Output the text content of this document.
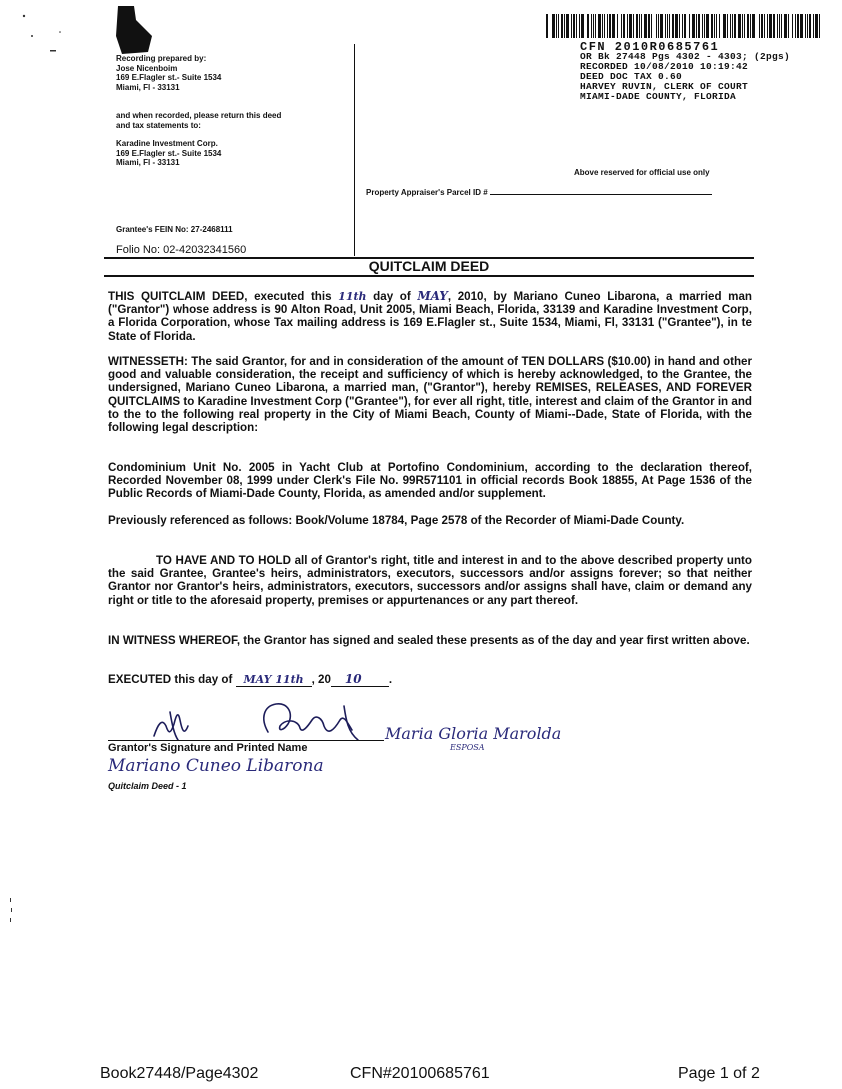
CFN 2010R0685761
OR Bk 27448 Pgs 4302 - 4303; (2pgs)
RECORDED 10/08/2010 10:19:42
DEED DOC TAX 0.60
HARVEY RUVIN, CLERK OF COURT
MIAMI-DADE COUNTY, FLORIDA
Recording prepared by:
Jose Nicenboim
169 E.Flagler st.- Suite 1534
Miami, Fl - 33131
and when recorded, please return this deed
and tax statements to:
Karadine Investment Corp.
169 E.Flagler st.- Suite 1534
Miami, Fl - 33131
Above reserved for official use only
Property Appraiser's Parcel ID #
Grantee's FEIN No: 27-2468111
Folio No: 02-42032341560
QUITCLAIM DEED
THIS QUITCLAIM DEED, executed this 11th day of MAY, 2010, by Mariano Cuneo Libarona, a married man ("Grantor") whose address is 90 Alton Road, Unit 2005, Miami Beach, Florida, 33139 and Karadine Investment Corp, a Florida Corporation, whose Tax mailing address is 169 E.Flagler st., Suite 1534, Miami, Fl, 33131 ("Grantee"), in te State of Florida.
WITNESSETH: The said Grantor, for and in consideration of the amount of TEN DOLLARS ($10.00) in hand and other good and valuable consideration, the receipt and sufficiency of which is hereby acknowledged, to the Grantee, the undersigned, Mariano Cuneo Libarona, a married man, ("Grantor"), hereby REMISES, RELEASES, AND FOREVER QUITCLAIMS to Karadine Investment Corp ("Grantee"), for ever all right, title, interest and claim of the Grantor in and to the to the following real property in the City of Miami Beach, County of Miami--Dade, State of Florida, with the following legal description:
Condominium Unit No. 2005 in Yacht Club at Portofino Condominium, according to the declaration thereof, Recorded November 08, 1999 under Clerk's File No. 99R571101 in official records Book 18855, At Page 1536 of the Public Records of Miami-Dade County, Florida, as amended and/or supplement.
Previously referenced as follows: Book/Volume 18784, Page 2578 of the Recorder of Miami-Dade County.
TO HAVE AND TO HOLD all of Grantor's right, title and interest in and to the above described property unto the said Grantee, Grantee's heirs, administrators, executors, successors and/or assigns forever; so that neither Grantor nor Grantor's heirs, administrators, executors, successors and/or assigns shall have, claim or demand any right or title to the aforesaid property, premises or appurtenances or any part thereof.
IN WITNESS WHEREOF, the Grantor has signed and sealed these presents as of the day and year first written above.
EXECUTED this day of MAY 11th , 20 10 .
Maria Gloria Marolda
ESPOSA
Grantor's Signature and Printed Name
Mariano Cuneo Libarona
Quitclaim Deed - 1
Book27448/Page4302	CFN#20100685761	Page 1 of 2
